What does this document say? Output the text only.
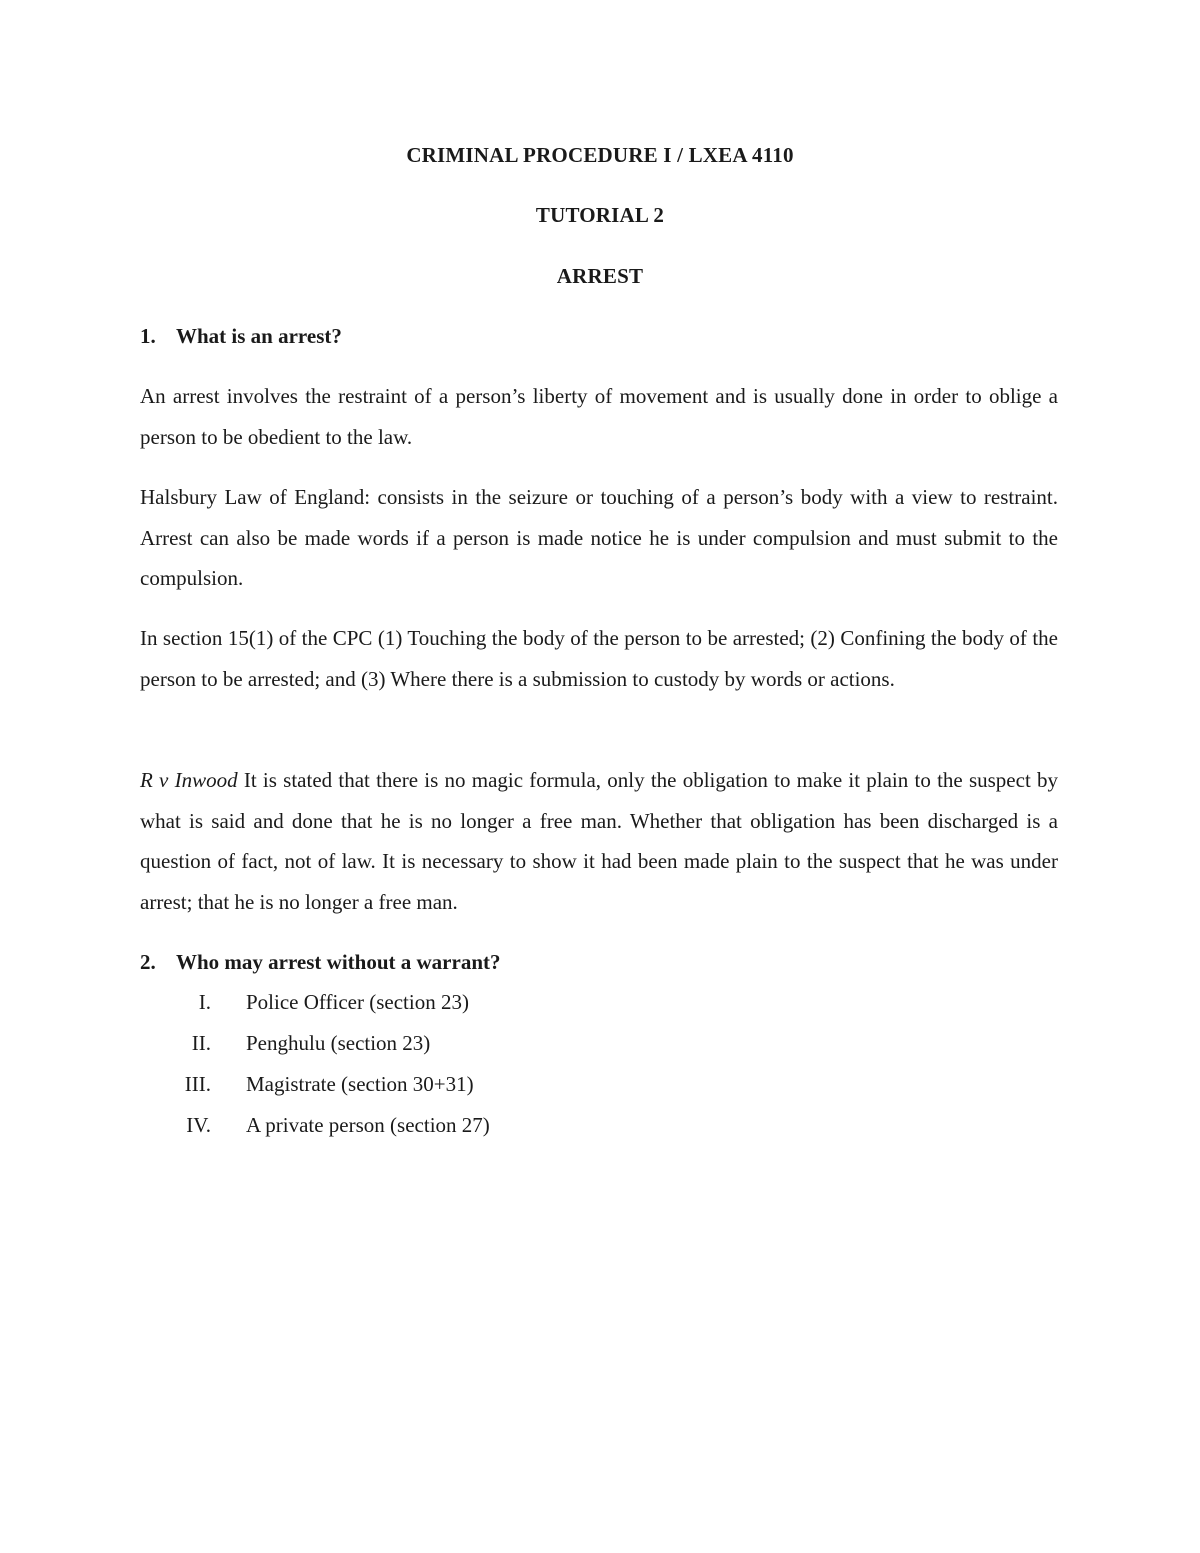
CRIMINAL PROCEDURE I / LXEA 4110
TUTORIAL 2
ARREST
1. What is an arrest?
An arrest involves the restraint of a person’s liberty of movement and is usually done in order to oblige a person to be obedient to the law.
Halsbury Law of England: consists in the seizure or touching of a person’s body with a view to restraint. Arrest can also be made words if a person is made notice he is under compulsion and must submit to the compulsion.
In section 15(1) of the CPC (1) Touching the body of the person to be arrested; (2) Confining the body of the person to be arrested; and (3) Where there is a submission to custody by words or actions.
R v Inwood It is stated that there is no magic formula, only the obligation to make it plain to the suspect by what is said and done that he is no longer a free man. Whether that obligation has been discharged is a question of fact, not of law. It is necessary to show it had been made plain to the suspect that he was under arrest; that he is no longer a free man.
2. Who may arrest without a warrant?
I. Police Officer (section 23)
II. Penghulu (section 23)
III. Magistrate (section 30+31)
IV. A private person (section 27)
